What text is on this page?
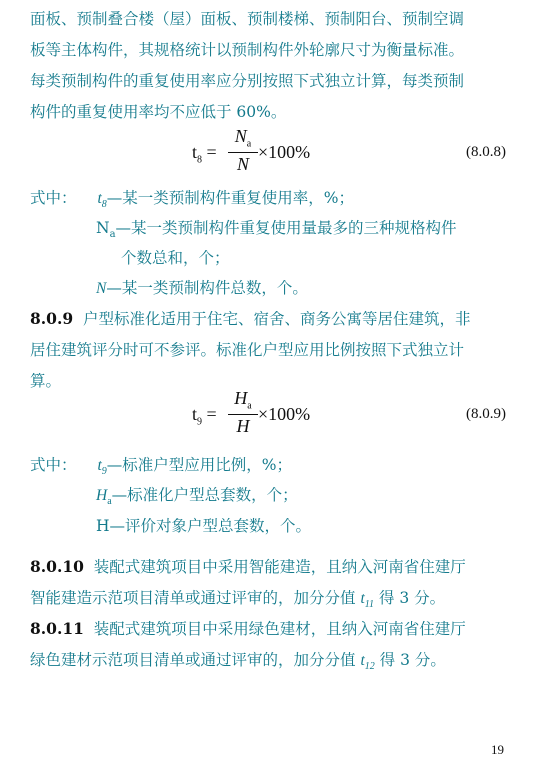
面板、预制叠合楼（屋）面板、预制楼梯、预制阳台、预制空调
板等主体构件，其规格统计以预制构件外轮廓尺寸为衡量标准。
每类预制构件的重复使用率应分别按照下式独立计算，每类预制
构件的重复使用率均不应低于 60%。
$t_8$ =
$N_a$
N
×100%	(8.0.8)
式中： $t_8—$某一类预制构件重复使用率，%；
$N_a—$某一类预制构件重复使用量最多的三种规格构件
个数总和，个；
N—某一类预制构件总数，个。
8.0.9 户型标准化适用于住宅、宿舍、商务公寓等居住建筑，非
居住建筑评分时可不参评。标准化户型应用比例按照下式独立计
算。
$t_9$ =
$H_a$
H
×100%	(8.0.9)
式中： $t_9—$标准户型应用比例，%；
$H_a—$标准化户型总套数，个；
H—评价对象户型总套数，个。
8.0.10 装配式建筑项目中采用智能建造，且纳入河南省住建厅
智能建造示范项目清单或通过评审的，加分分值 $t_{11}$ 得 3 分。
8.0.11 装配式建筑项目中采用绿色建材，且纳入河南省住建厅
绿色建材示范项目清单或通过评审的，加分分值 $t_{12}$ 得 3 分。
19
